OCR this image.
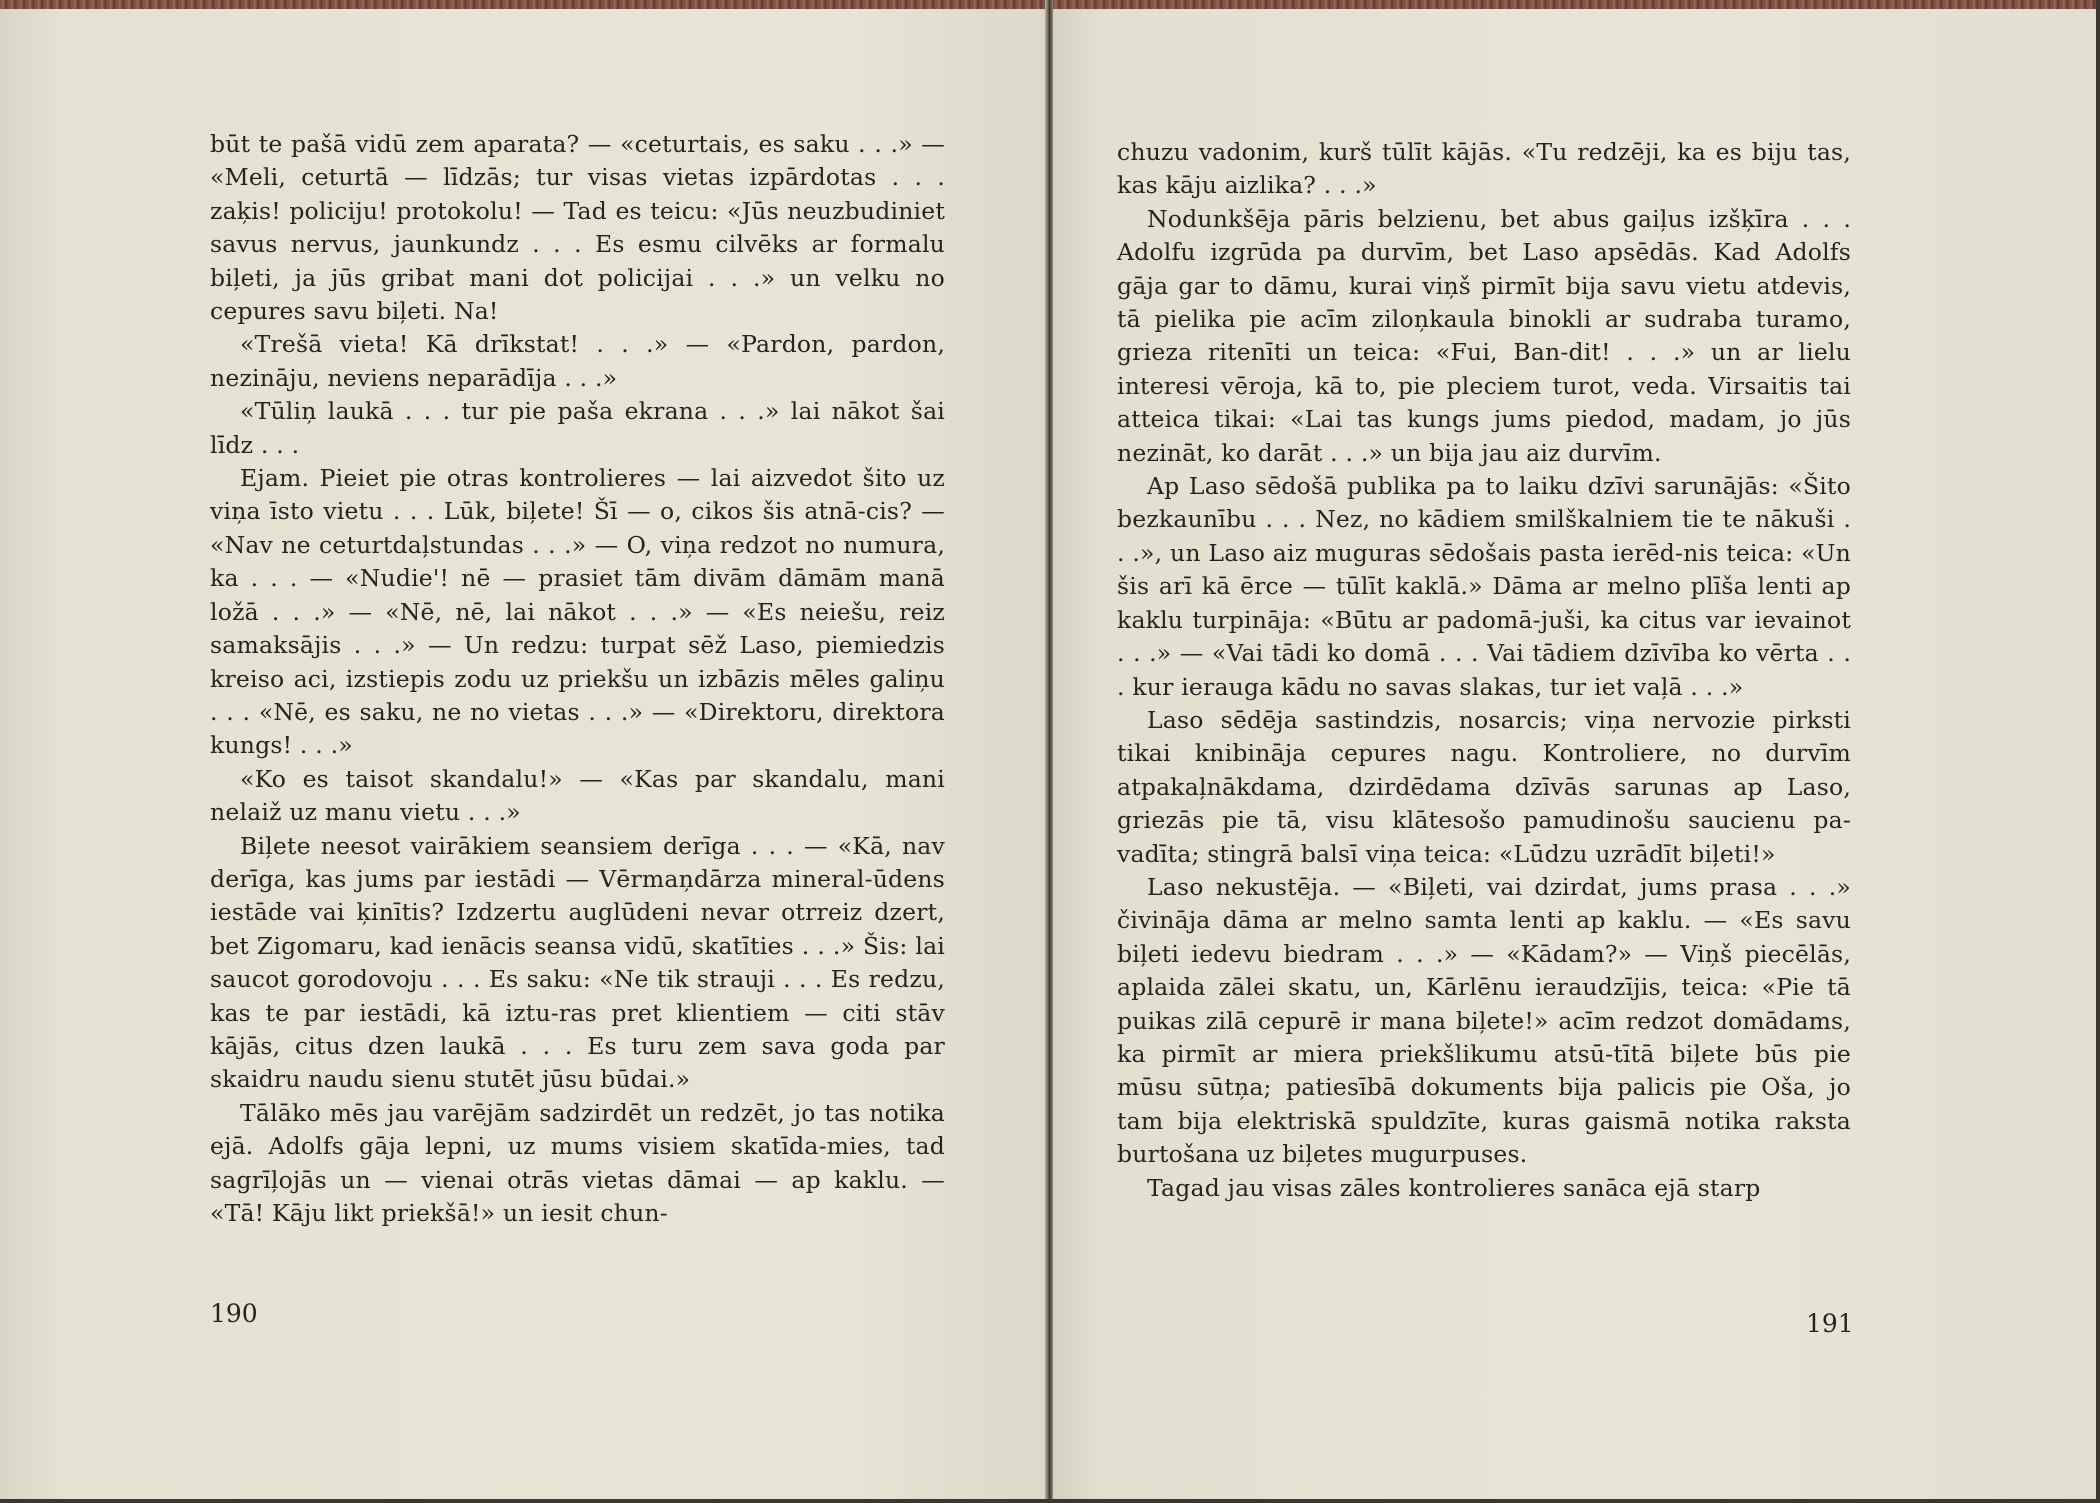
būt te pašā vidū zem aparata? — «ceturtais, es saku . . .» — «Meli, ceturtā — līdzās; tur visas vietas izpārdotas . . . zaķis! policiju! protokolu! — Tad es teicu: «Jūs neuzbudiniet savus nervus, jaunkundz . . . Es esmu cilvēks ar formalu biļeti, ja jūs gribat mani dot policijai . . .» un velku no cepures savu biļeti. Na!

«Trešā vieta! Kā drīkstat! . . .» — «Pardon, pardon, nezināju, neviens neparādīja . . .»

«Tūliņ laukā . . . tur pie paša ekrana . . .» lai nākot šai līdz . . .

Ejam. Pieiet pie otras kontrolieres — lai aizvedot šito uz viņa īsto vietu . . . Lūk, biļete! Šī — o, cikos šis atnā-cis? — «Nav ne ceturtdaļstundas . . .» — O, viņa redzot no numura, ka . . . — «Nudie'! nē — prasiet tām divām dāmām manā ložā . . .» — «Nē, nē, lai nākot . . .» — «Es neiešu, reiz samaksājis . . .» — Un redzu: turpat sēž Laso, piemiedzis kreiso aci, izstiepis zodu uz priekšu un izbāzis mēles galiņu . . . «Nē, es saku, ne no vietas . . .» — «Direktoru, direktora kungs! . . .»

«Ko es taisot skandalu!» — «Kas par skandalu, mani nelaiž uz manu vietu . . .»

Biļete neesot vairākiem seansiem derīga . . . — «Kā, nav derīga, kas jums par iestādi — Vērmaņdārza mineral-ūdens iestāde vai ķinītis? Izdzertu auglūdeni nevar otrreiz dzert, bet Zigomaru, kad ienācis seansa vidū, skatīties . . .» Šis: lai saucot gorodovoju . . . Es saku: «Ne tik strauji . . . Es redzu, kas te par iestādi, kā iztu-ras pret klientiem — citi stāv kājās, citus dzen laukā . . . Es turu zem sava goda par skaidru naudu sienu stutēt jūsu būdai.»

Tālāko mēs jau varējām sadzirdēt un redzēt, jo tas notika ejā. Adolfs gāja lepni, uz mums visiem skatīda-mies, tad sagrīļojās un — vienai otrās vietas dāmai — ap kaklu. — «Tā! Kāju likt priekšā!» un iesit chun-

190

chuzu vadonim, kurš tūlīt kājās. «Tu redzēji, ka es biju tas, kas kāju aizlika? . . .»

Nodunkšēja pāris belzienu, bet abus gaiļus izšķīra . . . Adolfu izgrūda pa durvīm, bet Laso apsēdās. Kad Adolfs gāja gar to dāmu, kurai viņš pirmīt bija savu vietu atdevis, tā pielika pie acīm ziloņkaula binokli ar sudraba turamo, grieza ritenīti un teica: «Fui, Ban-dit! . . .» un ar lielu interesi vēroja, kā to, pie pleciem turot, veda. Virsaitis tai atteica tikai: «Lai tas kungs jums piedod, madam, jo jūs nezināt, ko darāt . . .» un bija jau aiz durvīm.

Ap Laso sēdošā publika pa to laiku dzīvi sarunājās: «Šito bezkaunību . . . Nez, no kādiem smilškalniem tie te nākuši . . .», un Laso aiz muguras sēdošais pasta ierēd-nis teica: «Un šis arī kā ērce — tūlīt kaklā.» Dāma ar melno plīša lenti ap kaklu turpināja: «Būtu ar padomā-juši, ka citus var ievainot . . .» — «Vai tādi ko domā . . . Vai tādiem dzīvība ko vērta . . . kur ierauga kādu no savas slakas, tur iet vaļā . . .»

Laso sēdēja sastindzis, nosarcis; viņa nervozie pirksti tikai knibināja cepures nagu. Kontroliere, no durvīm atpakaļnākdama, dzirdēdama dzīvās sarunas ap Laso, griezās pie tā, visu klātesošo pamudinošu saucienu pa-vadīta; stingrā balsī viņa teica: «Lūdzu uzrādīt biļeti!»

Laso nekustēja. — «Biļeti, vai dzirdat, jums prasa . . .» čivināja dāma ar melno samta lenti ap kaklu. — «Es savu biļeti iedevu biedram . . .» — «Kādam?» — Viņš piecēlās, aplaida zālei skatu, un, Kārlēnu ieraudzījis, teica: «Pie tā puikas zilā cepurē ir mana biļete!» acīm redzot domādams, ka pirmīt ar miera priekšlikumu atsū-tītā biļete būs pie mūsu sūtņa; patiesībā dokuments bija palicis pie Oša, jo tam bija elektriskā spuldzīte, kuras gaismā notika raksta burtošana uz biļetes mugurpuses.

Tagad jau visas zāles kontrolieres sanāca ejā starp

191
